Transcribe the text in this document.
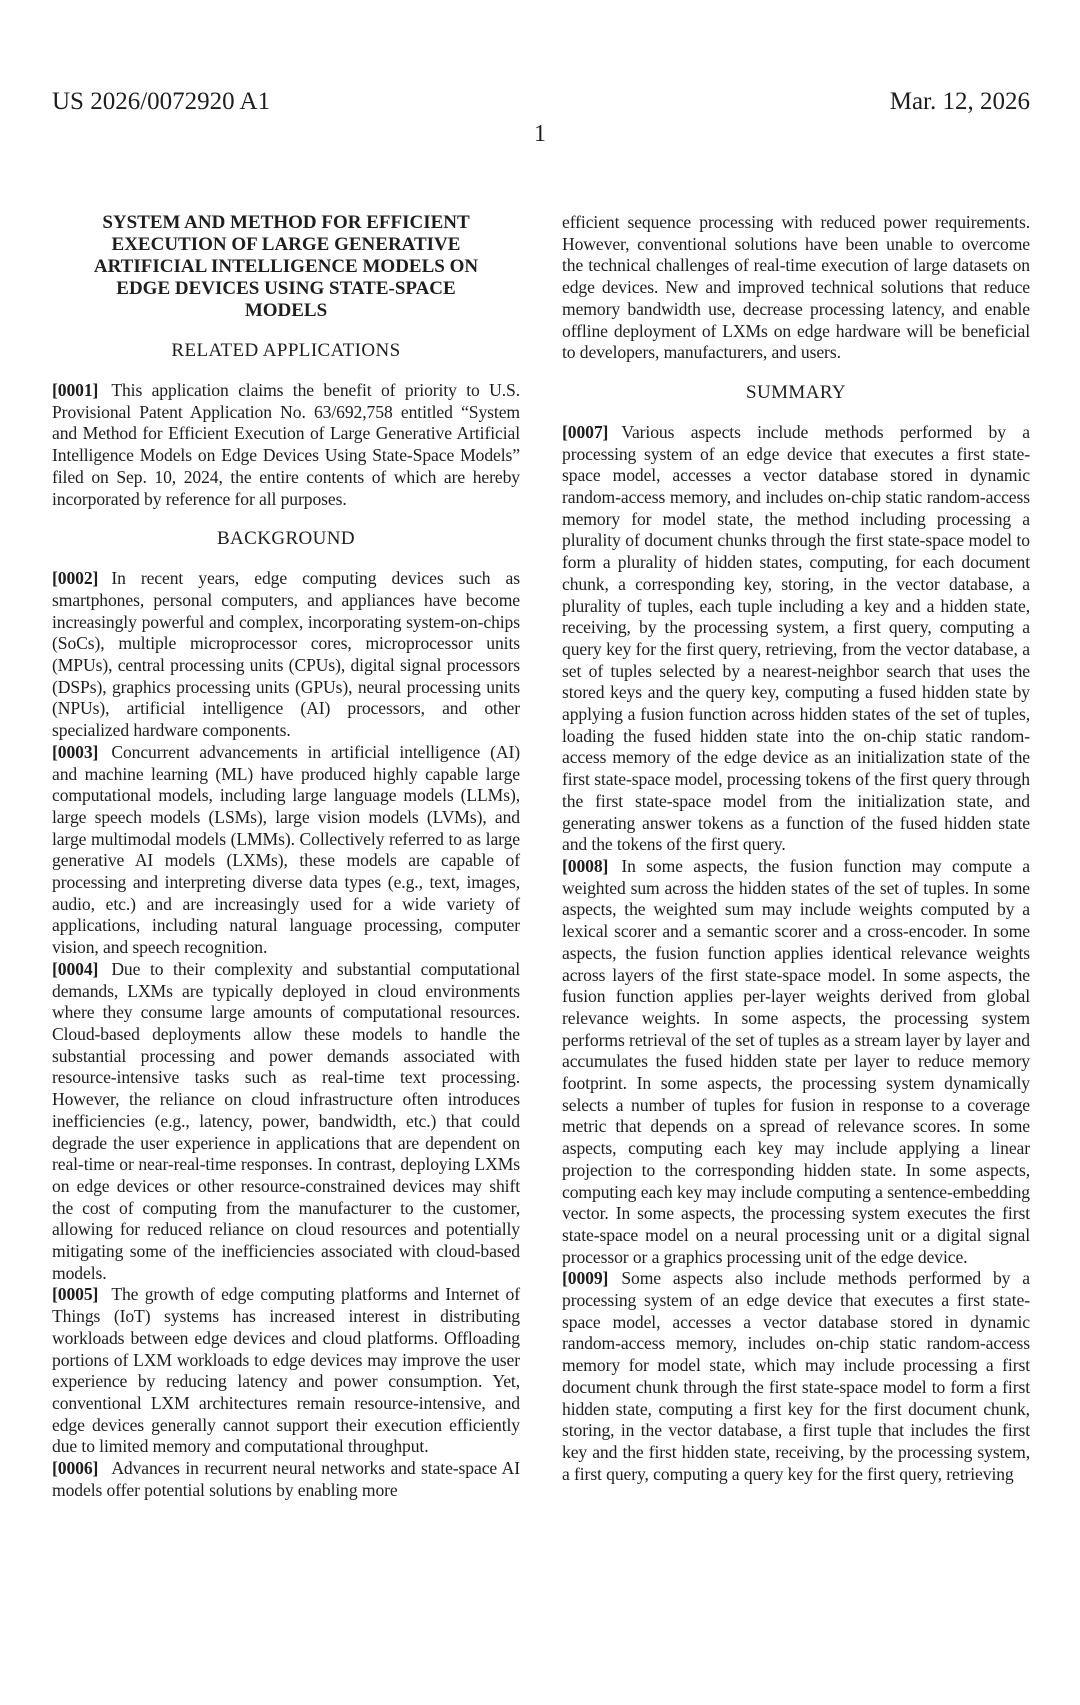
US 2026/0072920 A1	Mar. 12, 2026
1
SYSTEM AND METHOD FOR EFFICIENT
EXECUTION OF LARGE GENERATIVE
ARTIFICIAL INTELLIGENCE MODELS ON
EDGE DEVICES USING STATE-SPACE
MODELS
RELATED APPLICATIONS

[0001] This application claims the benefit of priority to U.S. Provisional Patent Application No. 63/692,758 entitled “System and Method for Efficient Execution of Large Generative Artificial Intelligence Models on Edge Devices Using State-Space Models” filed on Sep. 10, 2024, the entire contents of which are hereby incorporated by reference for all purposes.

BACKGROUND

[0002] In recent years, edge computing devices such as smartphones, personal computers, and appliances have become increasingly powerful and complex, incorporating system-on-chips (SoCs), multiple microprocessor cores, microprocessor units (MPUs), central processing units (CPUs), digital signal processors (DSPs), graphics processing units (GPUs), neural processing units (NPUs), artificial intelligence (AI) processors, and other specialized hardware components.

[0003] Concurrent advancements in artificial intelligence (AI) and machine learning (ML) have produced highly capable large computational models, including large language models (LLMs), large speech models (LSMs), large vision models (LVMs), and large multimodal models (LMMs). Collectively referred to as large generative AI models (LXMs), these models are capable of processing and interpreting diverse data types (e.g., text, images, audio, etc.) and are increasingly used for a wide variety of applications, including natural language processing, computer vision, and speech recognition.

[0004] Due to their complexity and substantial computational demands, LXMs are typically deployed in cloud environments where they consume large amounts of computational resources. Cloud-based deployments allow these models to handle the substantial processing and power demands associated with resource-intensive tasks such as real-time text processing. However, the reliance on cloud infrastructure often introduces inefficiencies (e.g., latency, power, bandwidth, etc.) that could degrade the user experience in applications that are dependent on real-time or near-real-time responses. In contrast, deploying LXMs on edge devices or other resource-constrained devices may shift the cost of computing from the manufacturer to the customer, allowing for reduced reliance on cloud resources and potentially mitigating some of the inefficiencies associated with cloud-based models.

[0005] The growth of edge computing platforms and Internet of Things (IoT) systems has increased interest in distributing workloads between edge devices and cloud platforms. Offloading portions of LXM workloads to edge devices may improve the user experience by reducing latency and power consumption. Yet, conventional LXM architectures remain resource-intensive, and edge devices generally cannot support their execution efficiently due to limited memory and computational throughput.

[0006] Advances in recurrent neural networks and state-space AI models offer potential solutions by enabling more

efficient sequence processing with reduced power requirements. However, conventional solutions have been unable to overcome the technical challenges of real-time execution of large datasets on edge devices. New and improved technical solutions that reduce memory bandwidth use, decrease processing latency, and enable offline deployment of LXMs on edge hardware will be beneficial to developers, manufacturers, and users.

SUMMARY

[0007] Various aspects include methods performed by a processing system of an edge device that executes a first state-space model, accesses a vector database stored in dynamic random-access memory, and includes on-chip static random-access memory for model state, the method including processing a plurality of document chunks through the first state-space model to form a plurality of hidden states, computing, for each document chunk, a corresponding key, storing, in the vector database, a plurality of tuples, each tuple including a key and a hidden state, receiving, by the processing system, a first query, computing a query key for the first query, retrieving, from the vector database, a set of tuples selected by a nearest-neighbor search that uses the stored keys and the query key, computing a fused hidden state by applying a fusion function across hidden states of the set of tuples, loading the fused hidden state into the on-chip static random-access memory of the edge device as an initialization state of the first state-space model, processing tokens of the first query through the first state-space model from the initialization state, and generating answer tokens as a function of the fused hidden state and the tokens of the first query.

[0008] In some aspects, the fusion function may compute a weighted sum across the hidden states of the set of tuples. In some aspects, the weighted sum may include weights computed by a lexical scorer and a semantic scorer and a cross-encoder. In some aspects, the fusion function applies identical relevance weights across layers of the first state-space model. In some aspects, the fusion function applies per-layer weights derived from global relevance weights. In some aspects, the processing system performs retrieval of the set of tuples as a stream layer by layer and accumulates the fused hidden state per layer to reduce memory footprint. In some aspects, the processing system dynamically selects a number of tuples for fusion in response to a coverage metric that depends on a spread of relevance scores. In some aspects, computing each key may include applying a linear projection to the corresponding hidden state. In some aspects, computing each key may include computing a sentence-embedding vector. In some aspects, the processing system executes the first state-space model on a neural processing unit or a digital signal processor or a graphics processing unit of the edge device.

[0009] Some aspects also include methods performed by a processing system of an edge device that executes a first state-space model, accesses a vector database stored in dynamic random-access memory, includes on-chip static random-access memory for model state, which may include processing a first document chunk through the first state-space model to form a first hidden state, computing a first key for the first document chunk, storing, in the vector database, a first tuple that includes the first key and the first hidden state, receiving, by the processing system, a first query, computing a query key for the first query, retrieving
